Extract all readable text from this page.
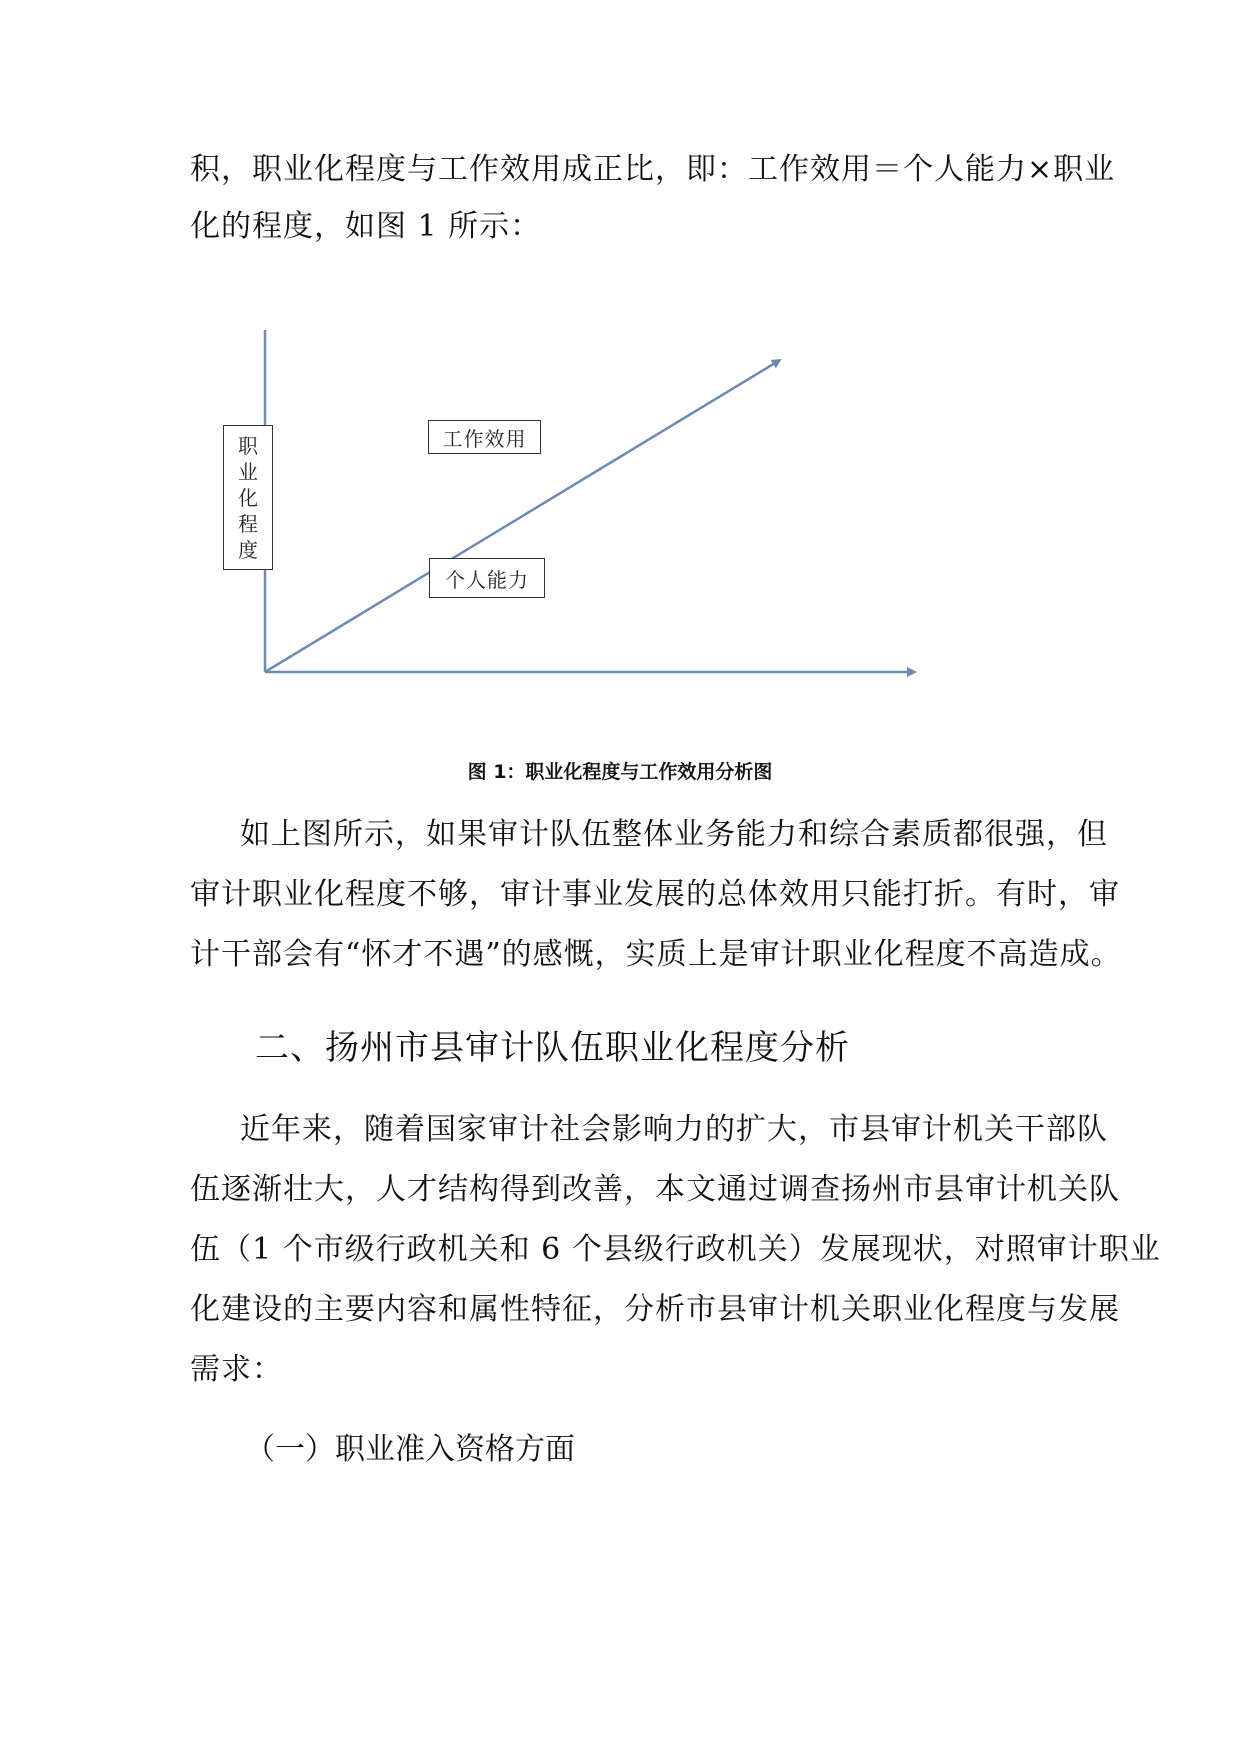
积，职业化程度与工作效用成正比，即：工作效用＝个人能力×职业
化的程度，如图 1 所示：
职
业
化
程
度
工作效用
个人能力
图 1：职业化程度与工作效用分析图
如上图所示，如果审计队伍整体业务能力和综合素质都很强，但
审计职业化程度不够，审计事业发展的总体效用只能打折。有时，审
计干部会有“怀才不遇”的感慨，实质上是审计职业化程度不高造成。
二、扬州市县审计队伍职业化程度分析
近年来，随着国家审计社会影响力的扩大，市县审计机关干部队
伍逐渐壮大，人才结构得到改善，本文通过调查扬州市县审计机关队
伍（1 个市级行政机关和 6 个县级行政机关）发展现状，对照审计职业
化建设的主要内容和属性特征，分析市县审计机关职业化程度与发展
需求：
（一）职业准入资格方面
